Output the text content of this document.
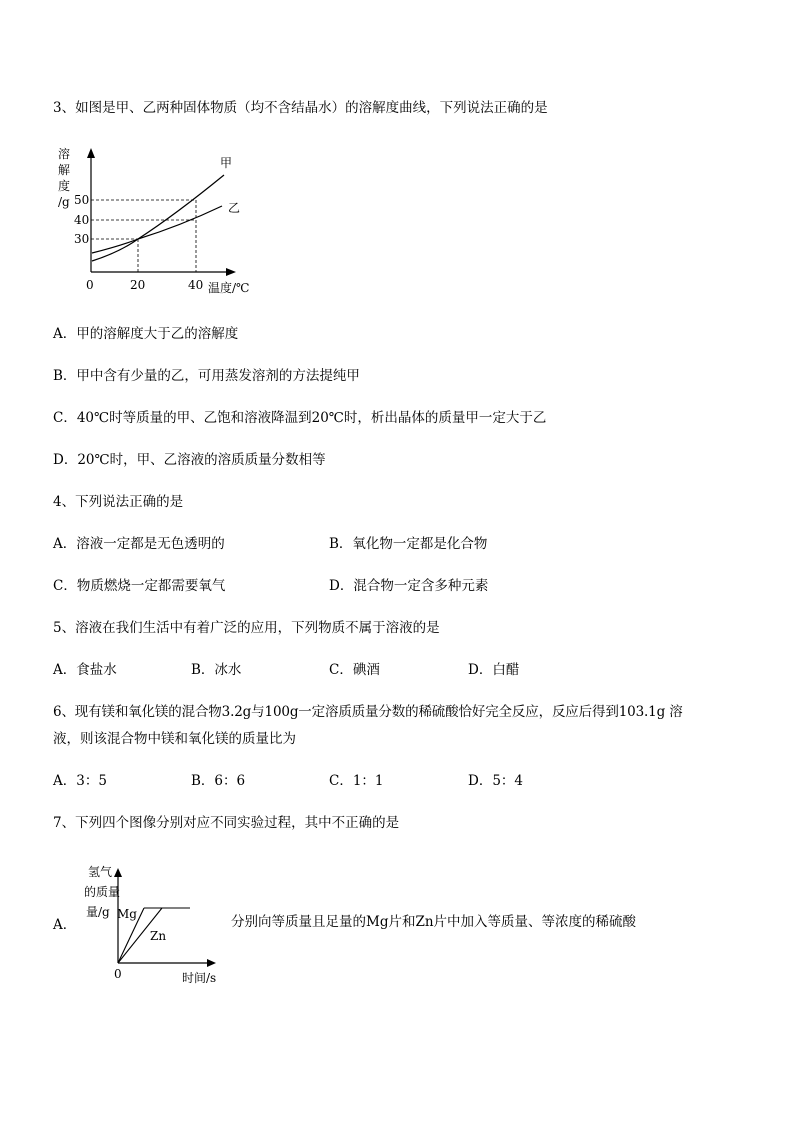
3、如图是甲、乙两种固体物质（均不含结晶水）的溶解度曲线，下列说法正确的是
溶
解
度
/g
甲
乙
50
40
30
0	20	40 温度/℃
A．甲的溶解度大于乙的溶解度
B．甲中含有少量的乙，可用蒸发溶剂的方法提纯甲
C．40℃时等质量的甲、乙饱和溶液降温到20℃时，析出晶体的质量甲一定大于乙
D．20℃时，甲、乙溶液的溶质质量分数相等
4、下列说法正确的是
A．溶液一定都是无色透明的	B．氧化物一定都是化合物
C．物质燃烧一定都需要氧气	D．混合物一定含多种元素
5、溶液在我们生活中有着广泛的应用，下列物质不属于溶液的是
A．食盐水	B．冰水	C．碘酒	D．白醋
6、现有镁和氧化镁的混合物3.2g与100g一定溶质质量分数的稀硫酸恰好完全反应，反应后得到103.1g 溶
液，则该混合物中镁和氧化镁的质量比为
A．3：5	B．6：6	C．1：1	D．5：4
7、下列四个图像分别对应不同实验过程，其中不正确的是
A．
氢气
的质量
量/g Mg
Zn
0	时间/s
分别向等质量且足量的Mg片和Zn片中加入等质量、等浓度的稀硫酸
